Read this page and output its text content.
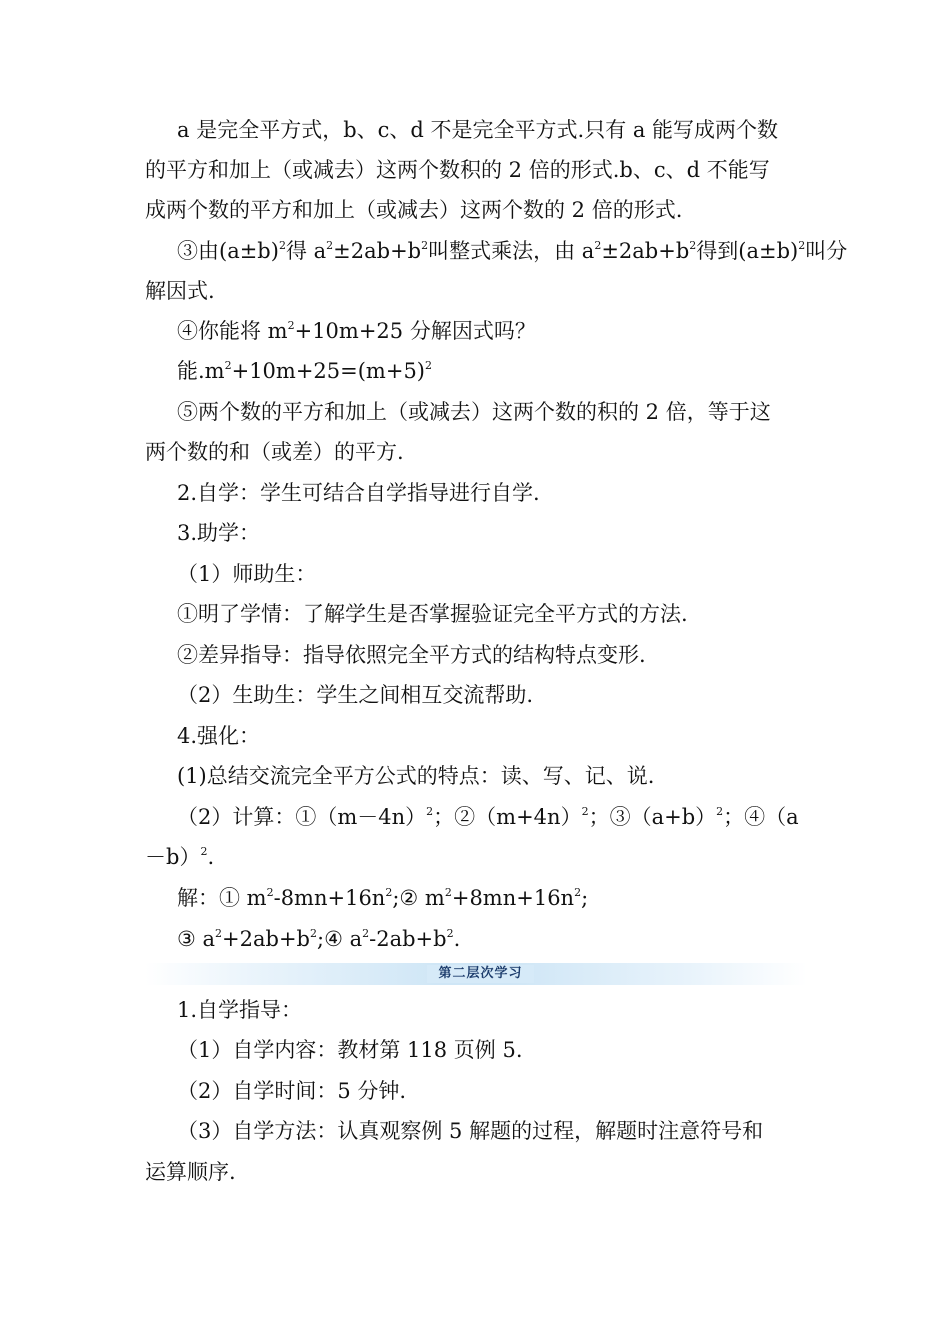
a 是完全平方式，b、c、d 不是完全平方式.只有 a 能写成两个数
的平方和加上（或减去）这两个数积的 2 倍的形式.b、c、d 不能写
成两个数的平方和加上（或减去）这两个数的 2 倍的形式.
③由$(a\pm b)^2$得 $a^2\pm 2ab+b^2$叫整式乘法，由 $a^2\pm 2ab+b^2$得到$(a\pm b)^2$叫分
解因式.
④你能将 $m^2+10m+25$ 分解因式吗？
能$.m^2+10m+25=(m+5)^2$
⑤两个数的平方和加上（或减去）这两个数的积的 2 倍，等于这
两个数的和（或差）的平方.
2.自学：学生可结合自学指导进行自学.
3.助学：
（1）师助生：
①明了学情：了解学生是否掌握验证完全平方式的方法.
②差异指导：指导依照完全平方式的结构特点变形.
（2）生助生：学生之间相互交流帮助.
4.强化：
(1)总结交流完全平方公式的特点：读、写、记、说.
（2）计算：$①(m-4n)^2$；$②(m+4n)^2$；$③(a+b)^2$；④（a
－b）$^2$.
解：① $m^2-8mn+16n^2;②$ $m^2+8mn+16n^2$;
③ $a^2+2ab+b^2;④$ $a^2-2ab+b^2$.
第二层次学习
1.自学指导：
（1）自学内容：教材第 118 页例 5.
（2）自学时间：5 分钟.
（3）自学方法：认真观察例 5 解题的过程，解题时注意符号和
运算顺序.
